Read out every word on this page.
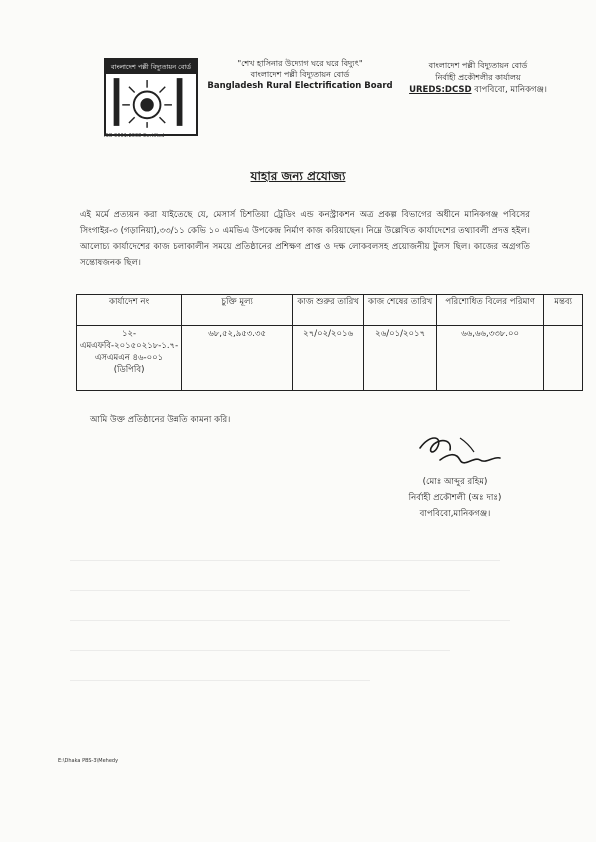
বাংলাদেশ পল্লী বিদ্যুতায়ন বোর্ড
ISO 9001:2008 Certified
"শেখ হাসিনার উদ্যোগ ঘরে ঘরে বিদ্যুৎ"
বাংলাদেশ পল্লী বিদ্যুতায়ন বোর্ড
Bangladesh Rural Electrification Board
বাংলাদেশ পল্লী বিদ্যুতায়ন বোর্ড
নির্বাহী প্রকৌশলীর কার্যালয়
UREDS:DCSD বাপবিবো, মানিকগঞ্জ।
যাহার জন্য প্রযোজ্য
এই মর্মে প্রত্যয়ন করা যাইতেছে যে, মেসার্স চিশতিয়া ট্রেডিং এন্ড কনস্ট্রাকশন অত্র প্রকল্প বিভাগের অধীনে মানিকগঞ্জ পবিসের সিংগাইর-৩ (গড়ানিয়া),৩৩/১১ কেভি ১০ এমভিএ উপকেন্দ্র নির্মাণ কাজ করিয়াছেন। নিম্নে উল্লেখিত কার্যাদেশের তথ্যাবলী প্রদত্ত হইল। আলোচ্য কার্যাদেশের কাজ চলাকালীন সময়ে প্রতিষ্ঠানের প্রশিক্ষণ প্রাপ্ত ও দক্ষ লোকবলসহ প্রয়োজনীয় টুলস ছিল। কাজের অগ্রগতি সন্তোষজনক ছিল।
কার্যাদেশ নং	চুক্তি মূল্য	কাজ শুরুর তারিখ	কাজ শেষের তারিখ	পরিশোধিত বিলের পরিমাণ	মন্তব্য
১২-এমএফবি-২০১৫০২১৮-১.৭-এসএমএন ৪৬-০০১ (ডিপিবি)	৬৮,৫২,৯৫৩.৩৫	২৭/০২/২০১৬	২৬/০১/২০১৭	৬৬,৬৬,৩৩৮.০০	
আমি উক্ত প্রতিষ্ঠানের উন্নতি কামনা করি।
(মোঃ আব্দুর রহিম)
নির্বাহী প্রকৌশলী (অঃ দাঃ)
বাপবিবো,মানিকগঞ্জ।
E:\Dhaka PBS-3\Mehedy
